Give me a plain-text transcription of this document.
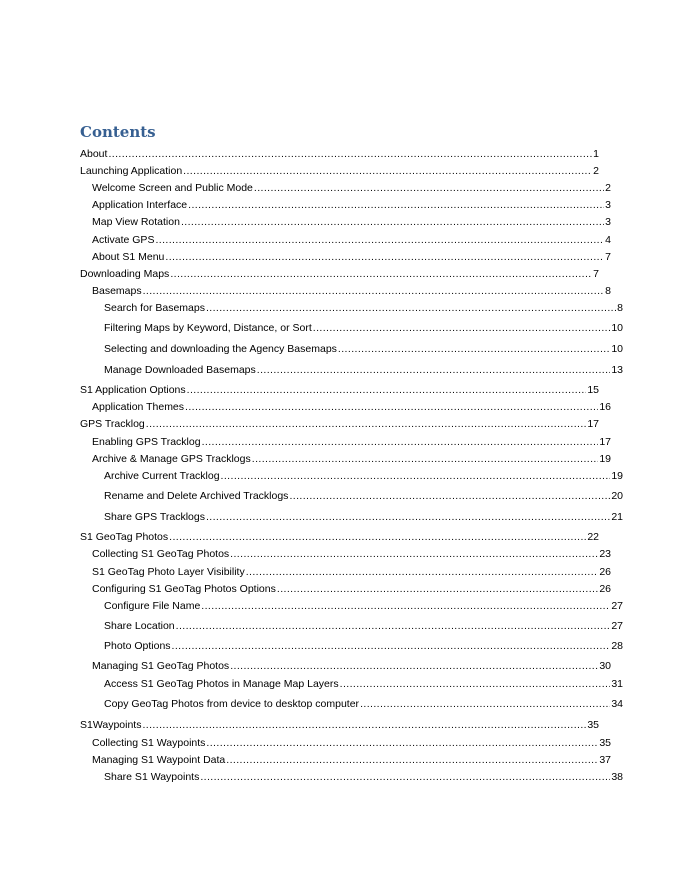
Contents
About .....	1
Launching Application .....	2
Welcome Screen and Public Mode .....	2
Application Interface .....	3
Map View Rotation .....	3
Activate GPS .....	4
About S1 Menu .....	7
Downloading Maps .....	7
Basemaps .....	8
Search for Basemaps .....	8
Filtering Maps by Keyword, Distance, or Sort .....	10
Selecting and downloading the Agency Basemaps .....	10
Manage Downloaded Basemaps .....	13
S1 Application Options .....	15
Application Themes .....	16
GPS Tracklog .....	17
Enabling GPS Tracklog .....	17
Archive & Manage GPS Tracklogs .....	19
Archive Current Tracklog .....	19
Rename and Delete Archived Tracklogs .....	20
Share GPS Tracklogs .....	21
S1 GeoTag Photos .....	22
Collecting S1 GeoTag Photos .....	23
S1 GeoTag Photo Layer Visibility .....	26
Configuring S1 GeoTag Photos Options .....	26
Configure File Name .....	27
Share Location .....	27
Photo Options .....	28
Managing S1 GeoTag Photos .....	30
Access S1 GeoTag Photos in Manage Map Layers .....	31
Copy GeoTag Photos from device to desktop computer .....	34
S1Waypoints .....	35
Collecting S1 Waypoints .....	35
Managing S1 Waypoint Data .....	37
Share S1 Waypoints .....	38
